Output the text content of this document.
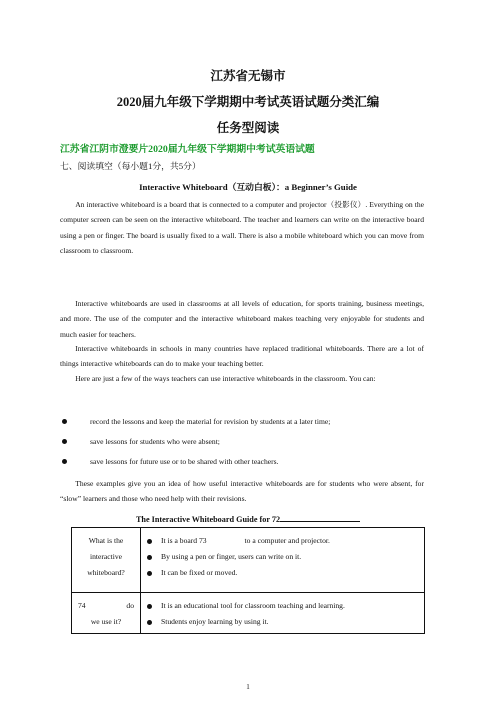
江苏省无锡市
2020届九年级下学期期中考试英语试题分类汇编
任务型阅读
江苏省江阴市澄要片2020届九年级下学期期中考试英语试题
七、阅读填空（每小题1分，共5分）
Interactive Whiteboard（互动白板）：a Beginner’s Guide

An interactive whiteboard is a board that is connected to a computer and projector（投影仪）. Everything on the computer screen can be seen on the interactive whiteboard. The teacher and learners can write on the interactive board using a pen or finger. The board is usually fixed to a wall. There is also a mobile whiteboard which you can move from classroom to classroom.

Interactive whiteboards are used in classrooms at all levels of education, for sports training, business meetings, and more. The use of the computer and the interactive whiteboard makes teaching very enjoyable for students and much easier for teachers.

Interactive whiteboards in schools in many countries have replaced traditional whiteboards. There are a lot of things interactive whiteboards can do to make your teaching better.

Here are just a few of the ways teachers can use interactive whiteboards in the classroom. You can:

record the lessons and keep the material for revision by students at a later time;
save lessons for students who were absent;
save lessons for future use or to be shared with other teachers.

These examples give you an idea of how useful interactive whiteboards are for students who were absent, for “slow” learners and those who need help with their revisions.

The Interactive Whiteboard Guide for 72
What is the
interactive
whiteboard?	It is a board 73                    to a computer and projector.
By using a pen or finger, users can write on it.
It can be fixed or moved.

74 do
we use it?	It is an educational tool for classroom teaching and learning.
Students enjoy learning by using it.
1
